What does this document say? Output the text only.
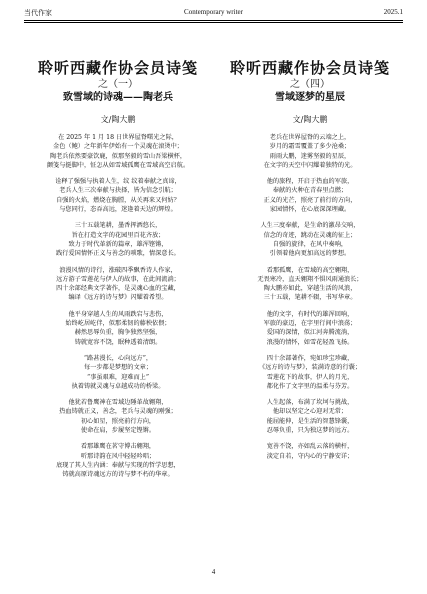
当代作家	Contemporary writer	2025.1
聆听西藏作协会员诗笺
之（一）
致雪域的诗魂——陶老兵
文/陶大鹏
在 2025 年 1 月 18 日世界屋脊曙光之际，
金色（鲍）之年新年伊始有一个灵魂在滚烫中；
陶老兵依然要豪饮鹿，似那坚毅的雪山吾梁横杯，
颤笺与挺脚中，怔怎从如雪域孤鹰在雪域高空启航。
诠释了强强与执着人生，纹 纹着奉献之真谛，
老兵人生三次奉献与抉择，皆为信念引航；
自强的火焰，燃烧在胸膛，从关再来又何妨？
与您同行，态吞高远，迷逢着天边的辉煌。
三十五载笔耕，墨香挥洒悠长，
旨在打造文字的花园里百花齐放；
致力于时代革新的篇章，雄浑铿锵，
践行爱国情怀正义与善念的唢歌，情深意长。
浪漫风情的诗行，涨破四季飘香诗人作家，
远方游子雪莲花与伊人的故事，在此间流淌；
四十余部经典文学著作，是灵魂心血的宝藏，
编译《远方的诗与梦》闪耀着希望。
他平身穿越人生的风雨跌宕与悲伤，
始终屹居屹伴，似那柔韧的藤秧依偎；
赫然思辱负重，胸争独然坚强，
铸就宽容不饶，眠种透着清朗。
“路甚漫长，心向远方”，
每一步都是梦想的文章；
“事虽艰难，迎难而上”
执着铸就灵魂与卓越成功的桥梁。
他犹若鲁鹰神在雪域边陲革故翱翔，
热血铸就正义，善念，老兵与灵魂的刚强；
初心如星，照亮前行方向，
使命在肩，步履坚定铿锵。
看那雄鹰在茗守博击翱翔，
听那诗韵在风中轻轻吟唱；
底现了其人生内涵：奉献与实现的哲学思想，
铸就高原诗魂远方的诗与梦不朽的华章。
聆听西藏作协会员诗笺
之（四）
雪域逐梦的星辰
文/陶大鹏
老兵在世界屋脊的云端之上，
岁月的霜雪覆盖了多少沧桑；
雨雨大鹏，迷雾坚毅的星辰，
在文字的天空中闪耀着独特的光。
他的旅程，开启于热血的军旅，
奉献的火种在青春里点燃；
正义的光芒，照亮了前行的方向，
家园情怀，在心底深深埋藏。
人生三度奉献，是生命的激昂交响，
信念的奇迹，跳动在灵魂的征上；
自强的旋律，在风中奏响，
引领着他向更加高远的梦想。
看那孤鹰，在雪域的高空翱翔，
无畏寒冷，直天翱翔不惧风雨通浪长；
陶大鹏亦如此，穿越生活的风浪，
三十五载，笔耕不辍，书写华章。
他的文字，有时代的雄浑回响，
军旅的豪迈，在字里行间中浪荡；
爱国的深情，似江河奔腾流淌，
浪漫的情怀，如雪花轻盈飞扬。
四十余部著作，宛如珍宝珍藏，
《远方的诗与梦》，装满诗意的行囊；
雪莲花下的故事，伊人的月光，
都化作了文字里的温柔与芬芳。
人生起落，布满了坎坷与挑战，
他却以坚定之心迎对无常；
能屈能伸，是生活的智慧锋囊，
忍辱负重，只为独这梦的远方。
宽善不饶，亦如乱云落的横杆，
淡定自若，守内心的宁静安详；
4
